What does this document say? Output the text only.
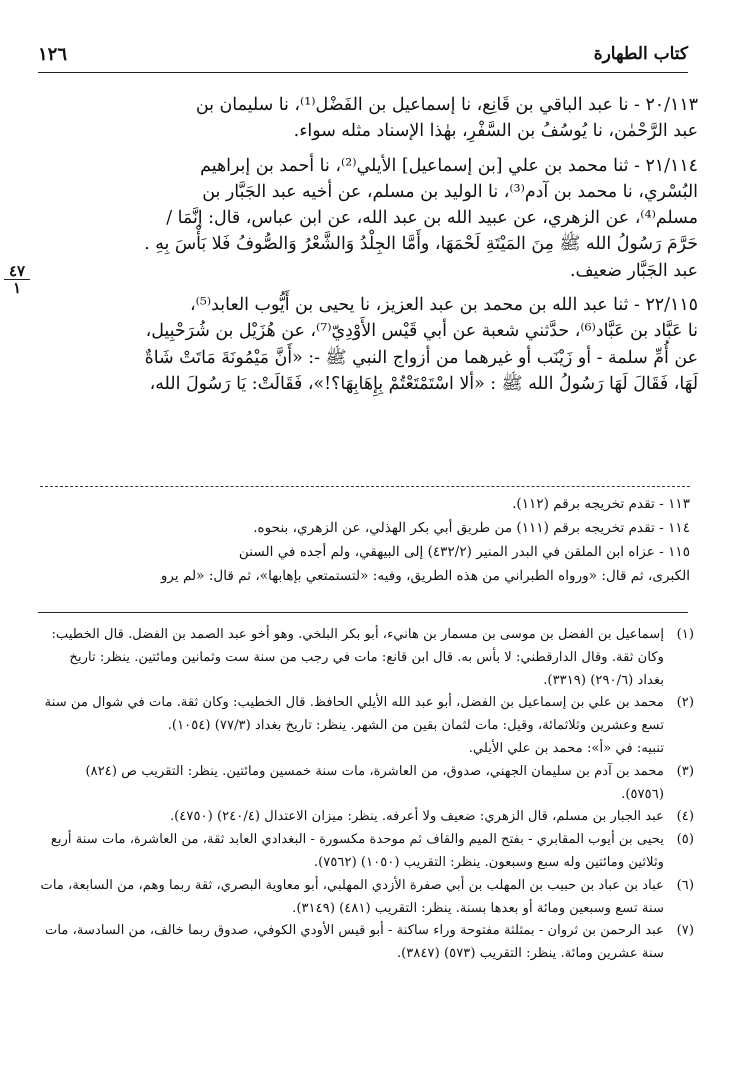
كتاب الطهارة
١٢٦
٤٧
١

٢٠/١١٣ - نا عبد الباقي بن قَانِع، نا إسماعيل بن الفَضْل⁽¹⁾، نا سليمان بن

عبد الرَّحْمٰن، نا يُوسُفُ بن السَّفْرِ، بهٰذا الإسناد مثله سواء.

٢١/١١٤ - ثنا محمد بن علي [بن إسماعيل] الأيلي⁽²⁾، نا أحمد بن إبراهيم

البُسْري، نا محمد بن آدم⁽³⁾، نا الوليد بن مسلم، عن أخيه عبد الجَبَّار بن

مسلم⁽⁴⁾، عن الزهري، عن عبيد الله بن عبد الله، عن ابن عباس، قال: إنَّمَا /

حَرَّمَ رَسُولُ الله ﷺ مِنَ المَيْتَةِ لَحْمَهَا، وأَمَّا الجِلْدُ وَالشَّعْرُ وَالصُّوفُ فَلا بَأْسَ بِهِ .

عبد الجَبَّار ضعيف.

٢٢/١١٥ - ثنا عبد الله بن محمد بن عبد العزيز، نا يحيى بن أَيُّوب العابد⁽⁵⁾،

نا عَبَّاد بن عَبَّاد⁽⁶⁾، حدَّثني شعبة عن أبي قَيْس الأَوْدِيّ⁽⁷⁾، عن هُزَيْل بن شُرَحْبِيل،

عن أُمِّ سلمة - أو زَيْنَب أو غيرهما من أزواج النبي ﷺ -: «أَنَّ مَيْمُونَةَ مَاتَتْ شَاةٌ

لَهَا، فَقَالَ لَهَا رَسُولُ الله ﷺ : «ألا اسْتَمْتَعْتُمْ بِإِهَابِهَا؟!»، فَقَالَتْ: يَا رَسُولَ الله،

١١٣ - تقدم تخريجه برقم (١١٢).

١١٤ - تقدم تخريجه برقم (١١١) من طريق أبي بكر الهذلي، عن الزهري، بنحوه.

١١٥ - عزاه ابن الملقن في البدر المنير (٤٣٢/٢) إلى البيهقي، ولم أجده في السنن

الكبرى، ثم قال: «ورواه الطبراني من هذه الطريق، وفيه: «لتستمتعي بإهابها»، ثم قال: «لم يرو

(١)
إسماعيل بن الفضل بن موسى بن مسمار بن هانيء، أبو بكر البلخي. وهو أخو عبد الصمد بن الفضل. قال الخطيب: وكان ثقة. وقال الدارقطني: لا بأس به. قال ابن قانع: مات في رجب من سنة ست وثمانين ومائتين. ينظر: تاريخ بغداد (٢٩٠/٦) (٣٣١٩).
(٢)
محمد بن علي بن إسماعيل بن الفضل، أبو عبد الله الأيلي الحافظ. قال الخطيب: وكان ثقة. مات في شوال من سنة تسع وعشرين وثلاثمائة، وقيل: مات لثمان بقين من الشهر. ينظر: تاريخ بغداد (٧٧/٣) (١٠٥٤).
تنبيه: في «أ»: محمد بن علي الأيلي.
(٣)
محمد بن آدم بن سليمان الجهني، صدوق، من العاشرة، مات سنة خمسين ومائتين. ينظر: التقريب ص (٨٢٤) (٥٧٥٦).
(٤)
عبد الجبار بن مسلم، قال الزهري: ضعيف ولا أعرفه. ينظر: ميزان الاعتدال (٢٤٠/٤) (٤٧٥٠).
(٥)
يحيى بن أيوب المقابري - بفتح الميم والقاف ثم موحدة مكسورة - البغدادي العابد ثقة، من العاشرة، مات سنة أربع وثلاثين ومائتين وله سبع وسبعون. ينظر: التقريب (١٠٥٠) (٧٥٦٢).
(٦)
عباد بن عباد بن حبيب بن المهلب بن أبي صفرة الأزدي المهلبي، أبو معاوية البصري، ثقة ربما وهم، من السابعة، مات سنة تسع وسبعين ومائة أو بعدها بسنة. ينظر: التقريب (٤٨١) (٣١٤٩).
(٧)
عبد الرحمن بن ثروان - بمثلثة مفتوحة وراء ساكنة - أبو قيس الأودي الكوفي، صدوق ربما خالف، من السادسة، مات سنة عشرين ومائة. ينظر: التقريب (٥٧٣) (٣٨٤٧).
